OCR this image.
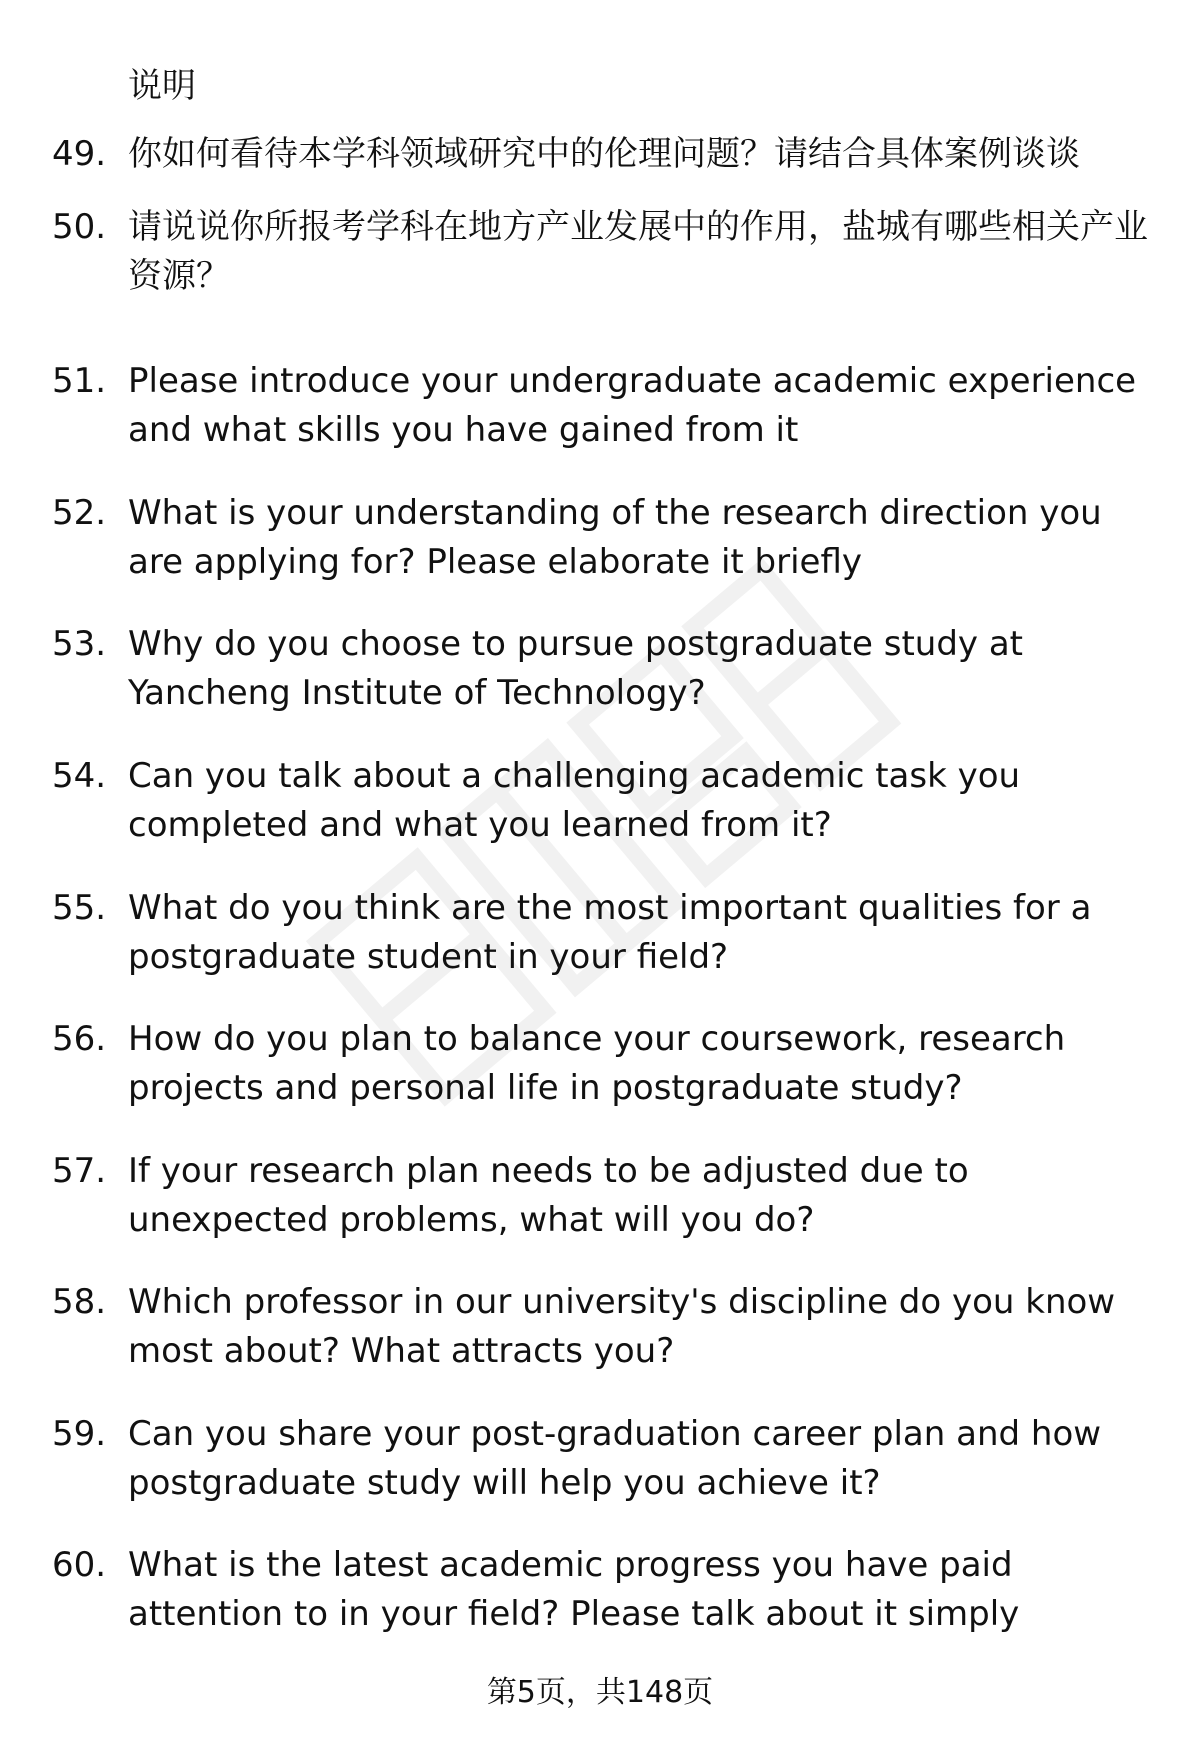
说明
49. 你如何看待本学科领域研究中的伦理问题？请结合具体案例谈谈
50. 请说说你所报考学科在地方产业发展中的作用，盐城有哪些相关产业资源？
51. Please introduce your undergraduate academic experience and what skills you have gained from it
52. What is your understanding of the research direction you are applying for? Please elaborate it briefly
53. Why do you choose to pursue postgraduate study at Yancheng Institute of Technology?
54. Can you talk about a challenging academic task you completed and what you learned from it?
55. What do you think are the most important qualities for a postgraduate student in your field?
56. How do you plan to balance your coursework, research projects and personal life in postgraduate study?
57. If your research plan needs to be adjusted due to unexpected problems, what will you do?
58. Which professor in our university's discipline do you know most about? What attracts you?
59. Can you share your post-graduation career plan and how postgraduate study will help you achieve it?
60. What is the latest academic progress you have paid attention to in your field? Please talk about it simply
第5页，共148页
